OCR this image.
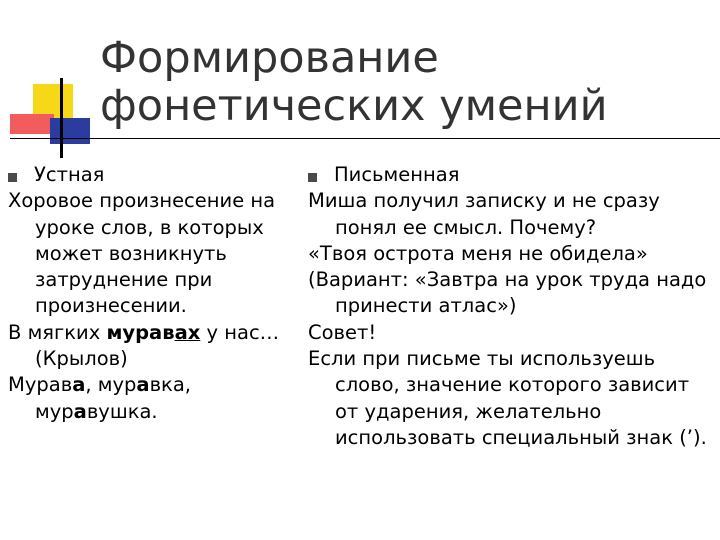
Формирование фонетических умений
Устная
Хоровое произнесение на уроке слов, в которых может возникнуть затруднение при произнесении.
В мягких муравах у нас… (Крылов)
Мурава, муравка, муравушка.
Письменная
Миша получил записку и не сразу понял ее смысл. Почему?
«Твоя острота меня не обидела»
(Вариант: «Завтра на урок труда надо принести атлас»)
Совет!
Если при письме ты используешь слово, значение которого зависит от ударения, желательно использовать специальный знак (’).
